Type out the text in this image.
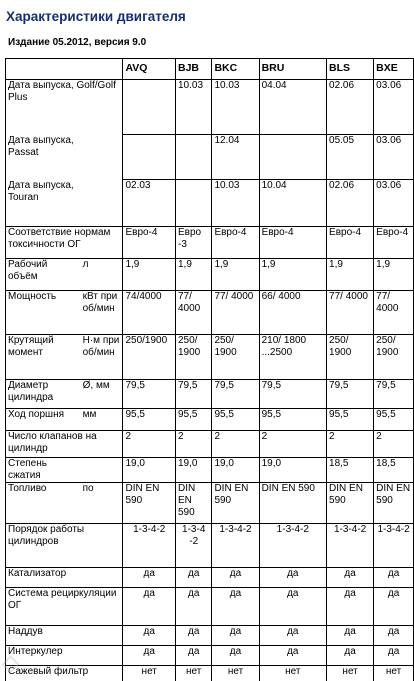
Характеристики двигателя
Издание 05.2012, версия 9.0
		AVQ	BJB	BKC	BRU	BLS	BXE
Дата выпуска, Golf/Golf Plus			10.03	10.03	04.04	02.06	03.06
Дата выпуска, Passat				12.04		05.05	03.06
Дата выпуска, Touran		02.03		10.03	10.04	02.06	03.06
Соответствие нормам токсичности ОГ		Евро-4	Евро -3	Евро-4	Евро-4	Евро-4	Евро-4
Рабочий объём	л	1,9	1,9	1,9	1,9	1,9	1,9
Мощность	кВт при об/мин	74/4000	77/ 4000	77/ 4000	66/ 4000	77/ 4000	77/ 4000
Крутящий момент	Н·м при об/мин	250/1900	250/ 1900	250/ 1900	210/ 1800 ...2500	250/ 1900	250/ 1900
Диаметр цилиндра	Ø, мм	79,5	79,5	79,5	79,5	79,5	79,5
Ход поршня	мм	95,5	95,5	95,5	95,5	95,5	95,5
Число клапанов на цилиндр		2	2	2	2	2	2
Степень сжатия		19,0	19,0	19,0	19,0	18,5	18,5
Топливо	по	DIN EN 590	DIN EN 590	DIN EN 590	DIN EN 590	DIN EN 590	DIN EN 590
Порядок работы цилиндров		1-3-4-2	1-3-4 -2	1-3-4-2	1-3-4-2	1-3-4-2	1-3-4-2
Катализатор		да	да	да	да	да	да
Система рециркуляции ОГ		да	да	да	да	да	да
Наддув		да	да	да	да	да	да
Интеркулер		да	да	да	да	да	да
Сажевый фильтр		нет	нет	нет	нет	нет	нет
◇
